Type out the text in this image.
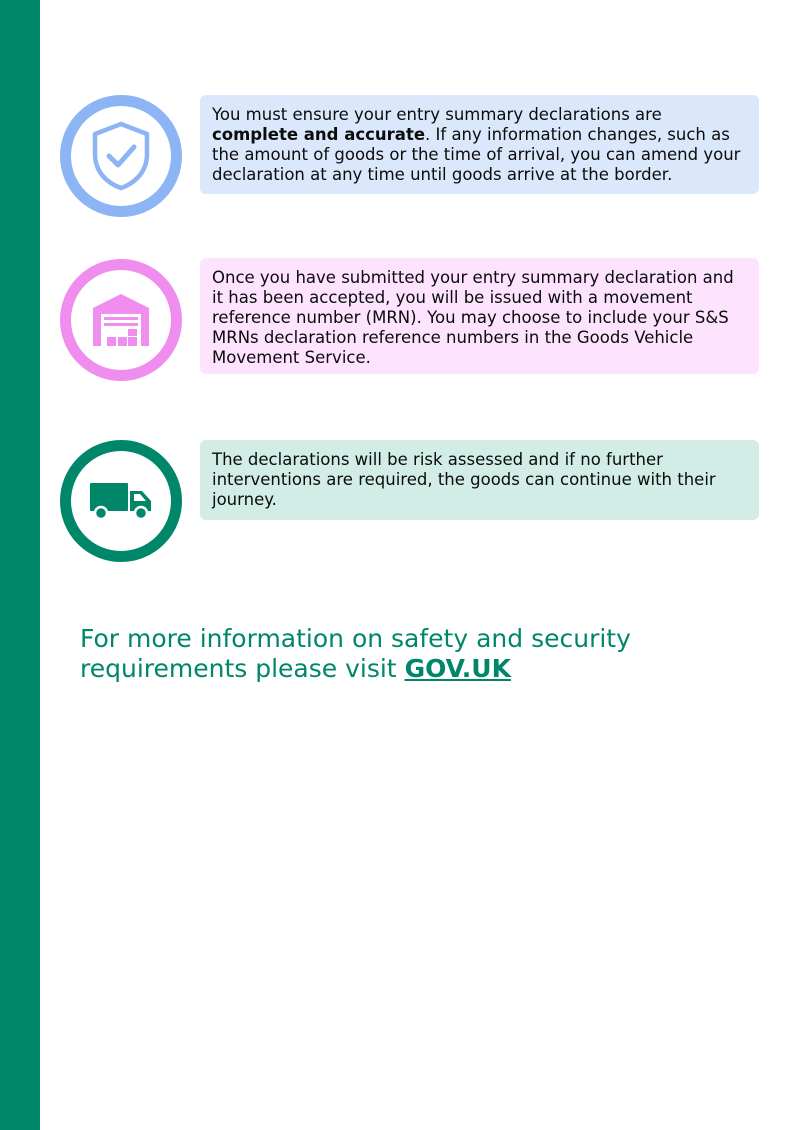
You must ensure your entry summary declarations are complete and accurate. If any information changes, such as the amount of goods or the time of arrival, you can amend your declaration at any time until goods arrive at the border.
Once you have submitted your entry summary declaration and it has been accepted, you will be issued with a movement reference number (MRN). You may choose to include your S&S MRNs declaration reference numbers in the Goods Vehicle Movement Service.
The declarations will be risk assessed and if no further interventions are required, the goods can continue with their journey.

For more information on safety and security requirements please visit GOV.UK
